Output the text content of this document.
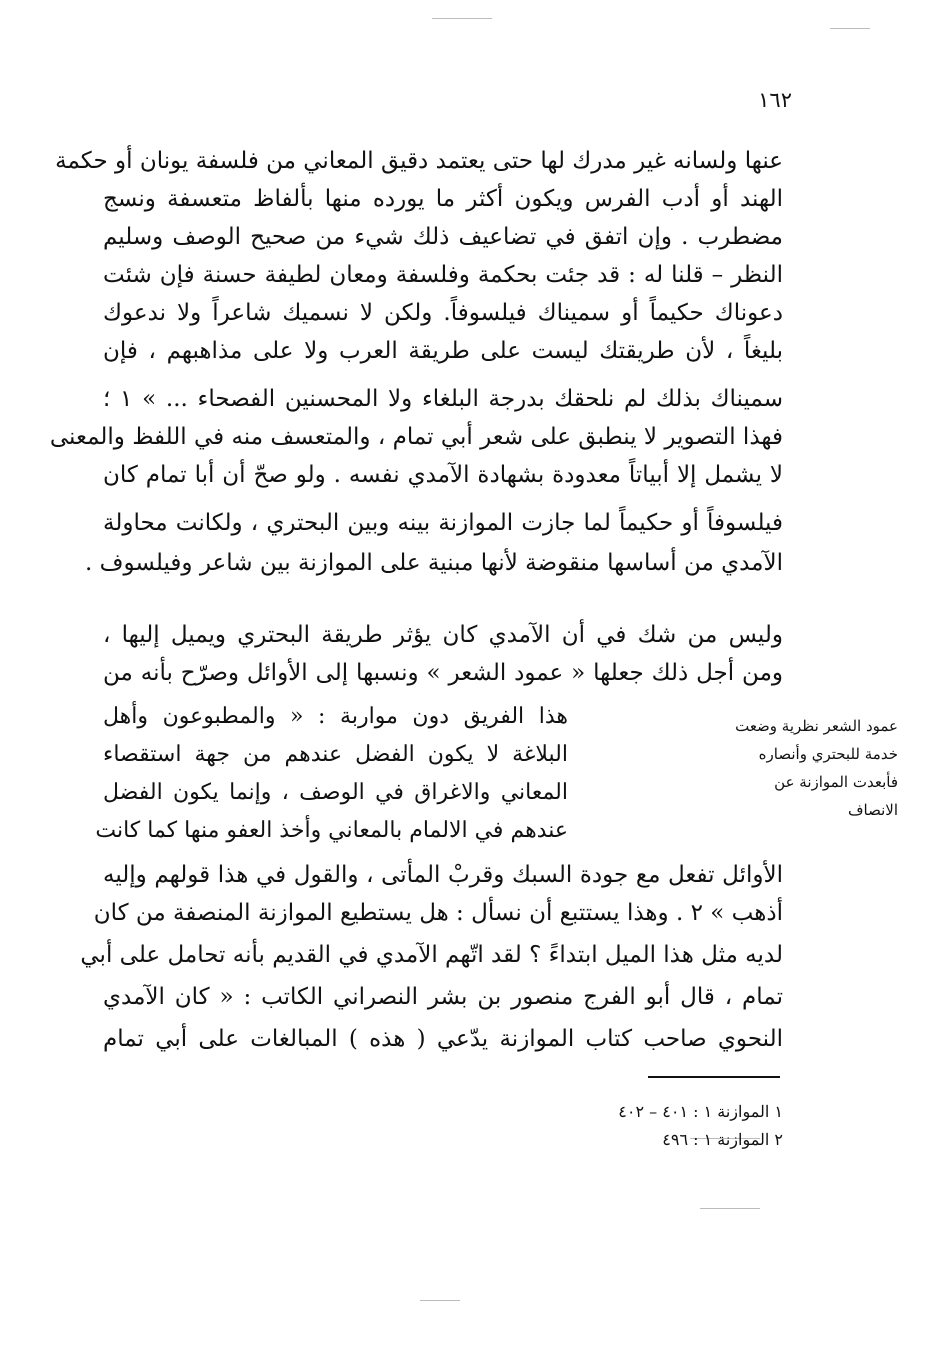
١٦٢
عنها ولسانه غير مدرك لها حتى يعتمد دقيق المعاني من فلسفة يونان أو حكمة
الهند أو أدب الفرس ويكون أكثر ما يورده منها بألفاظ متعسفة ونسج
مضطرب . وإن اتفق في تضاعيف ذلك شيء من صحيح الوصف وسليم
النظر – قلنا له : قد جئت بحكمة وفلسفة ومعان لطيفة حسنة فإن شئت
دعوناك حكيماً أو سميناك فيلسوفاً. ولكن لا نسميك شاعراً ولا ندعوك
بليغاً ، لأن طريقتك ليست على طريقة العرب ولا على مذاهبهم ، فإن
سميناك بذلك لم نلحقك بدرجة البلغاء ولا المحسنين الفصحاء ... » ١ ؛
فهذا التصوير لا ينطبق على شعر أبي تمام ، والمتعسف منه في اللفظ والمعنى
لا يشمل إلا أبياتاً معدودة بشهادة الآمدي نفسه . ولو صحّ أن أبا تمام كان
فيلسوفاً أو حكيماً لما جازت الموازنة بينه وبين البحتري ، ولكانت محاولة
الآمدي من أساسها منقوضة لأنها مبنية على الموازنة بين شاعر وفيلسوف .
وليس من شك في أن الآمدي كان يؤثر طريقة البحتري ويميل إليها ،
ومن أجل ذلك جعلها « عمود الشعر » ونسبها إلى الأوائل وصرّح بأنه من
هذا الفريق دون مواربة : « والمطبوعون وأهل
البلاغة لا يكون الفضل عندهم من جهة استقصاء
المعاني والاغراق في الوصف ، وإنما يكون الفضل
عندهم في الالمام بالمعاني وأخذ العفو منها كما كانت
عمود الشعر نظرية وضعت
خدمة للبحتري وأنصاره
فأبعدت الموازنة عن
الانصاف
الأوائل تفعل مع جودة السبك وقربْ المأتى ، والقول في هذا قولهم وإليه
أذهب » ٢ . وهذا يستتبع أن نسأل : هل يستطيع الموازنة المنصفة من كان
لديه مثل هذا الميل ابتداءً ؟ لقد اتّهم الآمدي في القديم بأنه تحامل على أبي
تمام ، قال أبو الفرج منصور بن بشر النصراني الكاتب : « كان الآمدي
النحوي صاحب كتاب الموازنة يدّعي ( هذه ) المبالغات على أبي تمام
١ الموازنة ١ : ٤٠١ – ٤٠٢
٢ الموازنة ١ : ٤٩٦
